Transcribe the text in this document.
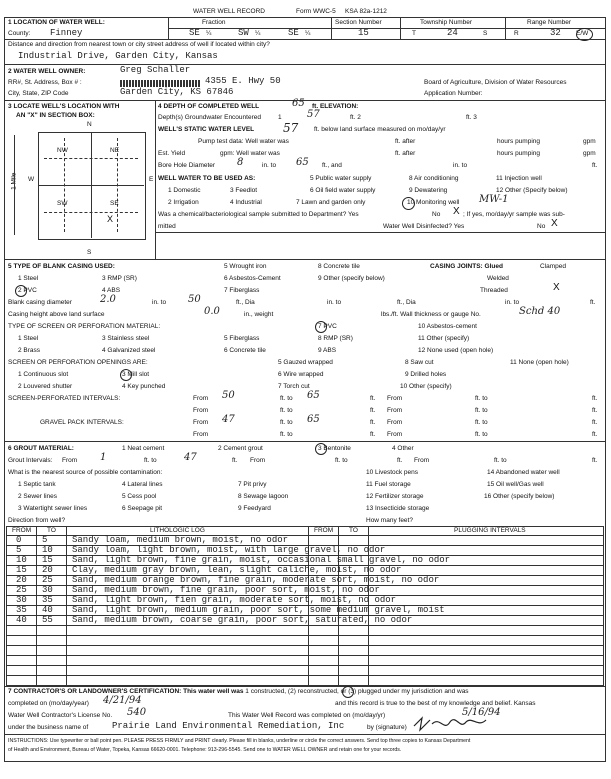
WATER WELL RECORD	Form WWC-5 KSA 82a-1212
1 LOCATION OF WATER WELL:	Fraction	Section Number	Township Number	Range Number
County: Finney	SE ¼	SW ¼	SE ¼	15	T	24	S	R	32 E/W
Distance and direction from nearest town or city street address of well if located within city?
Industrial Drive, Garden City, Kansas
2 WATER WELL OWNER:	Greg Schaller
RR#, St. Address, Box # :	4355 E. Hwy 50
City, State, ZIP Code	Garden City, KS 67846
Board of Agriculture, Division of Water Resources
Application Number:
3 LOCATE WELL'S LOCATION WITH
AN "X" IN SECTION BOX:
N
S
W	E
1 Mile
NW	NE
SW	SE
X
4 DEPTH OF COMPLETED WELL	65 ft. ELEVATION:
Depth(s) Groundwater Encountered	1	57	ft. 2	ft. 3
WELL'S STATIC WATER LEVEL 57 ft. below land surface measured on mo/day/yr
Pump test data: Well water was	ft. after	hours pumping	gpm
Est. Yield	gpm: Well water was	ft. after	hours pumping	gpm
Bore Hole Diameter 8	in. to 65 ft., and	in. to	ft.
WELL WATER TO BE USED AS:	5 Public water supply	8 Air conditioning	11 Injection well
1 Domestic	3 Feedlot	6 Oil field water supply	9 Dewatering	12 Other (Specify below)
2 Irrigation	4 Industrial	7 Lawn and garden only	10 Monitoring well MW-1
Was a chemical/bacteriological sample submitted to Department? Yes	No X ; If yes, mo/day/yr sample was sub-
mitted	Water Well Disinfected? Yes	No X
5 TYPE OF BLANK CASING USED:	5 Wrought iron	8 Concrete tile	CASING JOINTS: Glued	Clamped
1 Steel	3 RMP (SR)	6 Asbestos-Cement	9 Other (specify below)	Welded
2 PVC	4 ABS	7 Fiberglass	Threaded	X
Blank casing diameter	2.0	in. to 50	ft., Dia	in. to	ft., Dia	in. to	ft.
Casing height above land surface	0.0	in., weight	lbs./ft. Wall thickness or gauge No.	Schd 40
TYPE OF SCREEN OR PERFORATION MATERIAL:	7 PVC	10 Asbestos-cement
1 Steel	3 Stainless steel	5 Fiberglass	8 RMP (SR)	11 Other (specify)
2 Brass	4 Galvanized steel	6 Concrete tile	9 ABS	12 None used (open hole)
SCREEN OR PERFORATION OPENINGS ARE:	5 Gauzed wrapped	8 Saw cut	11 None (open hole)
1 Continuous slot	3 Mill slot	6 Wire wrapped	9 Drilled holes
2 Louvered shutter	4 Key punched	7 Torch cut	10 Other (specify)
SCREEN-PERFORATED INTERVALS:	From 50	ft. to 65	ft. From	ft. to	ft.
From	ft. to	ft. From	ft. to	ft.
GRAVEL PACK INTERVALS:	From 47	ft. to 65	ft. From	ft. to	ft.
From	ft. to	ft. From	ft. to	ft.
6 GROUT MATERIAL:	1 Neat cement	2 Cement grout	3 Bentonite	4 Other
Grout Intervals: From 1	ft. to	47	ft. From	ft. to	ft. From	ft. to	ft.
What is the nearest source of possible contamination:	10 Livestock pens	14 Abandoned water well
1 Septic tank	4 Lateral lines	7 Pit privy	11 Fuel storage	15 Oil well/Gas well
2 Sewer lines	5 Cess pool	8 Sewage lagoon	12 Fertilizer storage	16 Other (specify below)
3 Watertight sewer lines	6 Seepage pit	9 Feedyard	13 Insecticide storage
Direction from well?	How many feet?
FROM TO	LITHOLOGIC LOG	FROM TO	PLUGGING INTERVALS
0 5	Sandy loam, medium brown, moist, no odor
5 10 Sandy loam, light brown, moist, with large gravel, no odor
10 15 Sand, light brown, fine grain, moist, occasional small gravel, no odor
15 20 Clay, medium gray brown, lean, slight caliche, moist, no odor
20 25 Sand, medium orange brown, fine grain, moderate sort, moist, no odor
25 30 Sand, medium brown, fine grain, poor sort, moist, no odor
30 35 Sand, light brown, fien grain, moderate sort, moist, no odor
35 40 Sand, light brown, medium grain, poor sort, some medium gravel, moist
40 55 Sand, medium brown, coarse grain, poor sort, saturated, no odor
7 CONTRACTOR'S OR LANDOWNER'S CERTIFICATION: This water well was 1 constructed, (2) reconstructed, or (3) plugged under my jurisdiction and was
completed on (mo/day/year) 4/21/94	and this record is true to the best of my knowledge and belief. Kansas
Water Well Contractor's License No. 540	This Water Well Record was completed on (mo/day/yr)	5/16/94
under the business name of	Prairie Land Environmental Remediation, Inc	by (signature)
INSTRUCTIONS: Use typewriter or ball point pen. PLEASE PRESS FIRMLY and PRINT clearly. Please fill in blanks, underline or circle the correct answers. Send top three copies to Kansas Department
of Health and Environment, Bureau of Water, Topeka, Kansas 66620-0001. Telephone: 913-296-5545. Send one to WATER WELL OWNER and retain one for your records.
